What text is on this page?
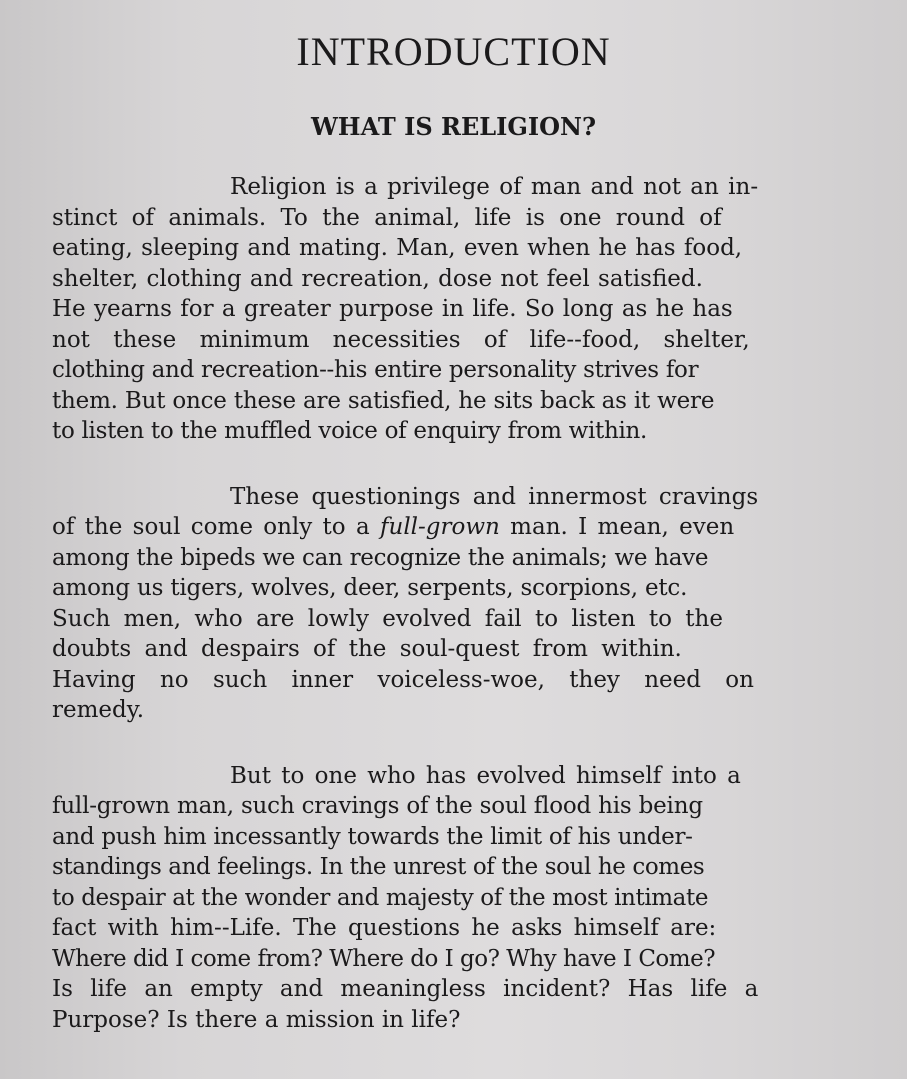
INTRODUCTION
WHAT IS RELIGION?
Religion is a privilege of man and not an in-
stinct of animals. To the animal, life is one round of
eating, sleeping and mating. Man, even when he has food,
shelter, clothing and recreation, dose not feel satisfied.
He yearns for a greater purpose in life. So long as he has
not these minimum necessities of life--food, shelter,
clothing and recreation--his entire personality strives for
them. But once these are satisfied, he sits back as it were
to listen to the muffled voice of enquiry from within.
These questionings and innermost cravings
of the soul come only to a full-grown man. I mean, even
among the bipeds we can recognize the animals; we have
among us tigers, wolves, deer, serpents, scorpions, etc.
Such men, who are lowly evolved fail to listen to the
doubts and despairs of the soul-quest from within.
Having no such inner voiceless-woe, they need on
remedy.
But to one who has evolved himself into a
full-grown man, such cravings of the soul flood his being
and push him incessantly towards the limit of his under-
standings and feelings. In the unrest of the soul he comes
to despair at the wonder and majesty of the most intimate
fact with him--Life. The questions he asks himself are:
Where did I come from? Where do I go? Why have I Come?
Is life an empty and meaningless incident? Has life a
Purpose? Is there a mission in life?
